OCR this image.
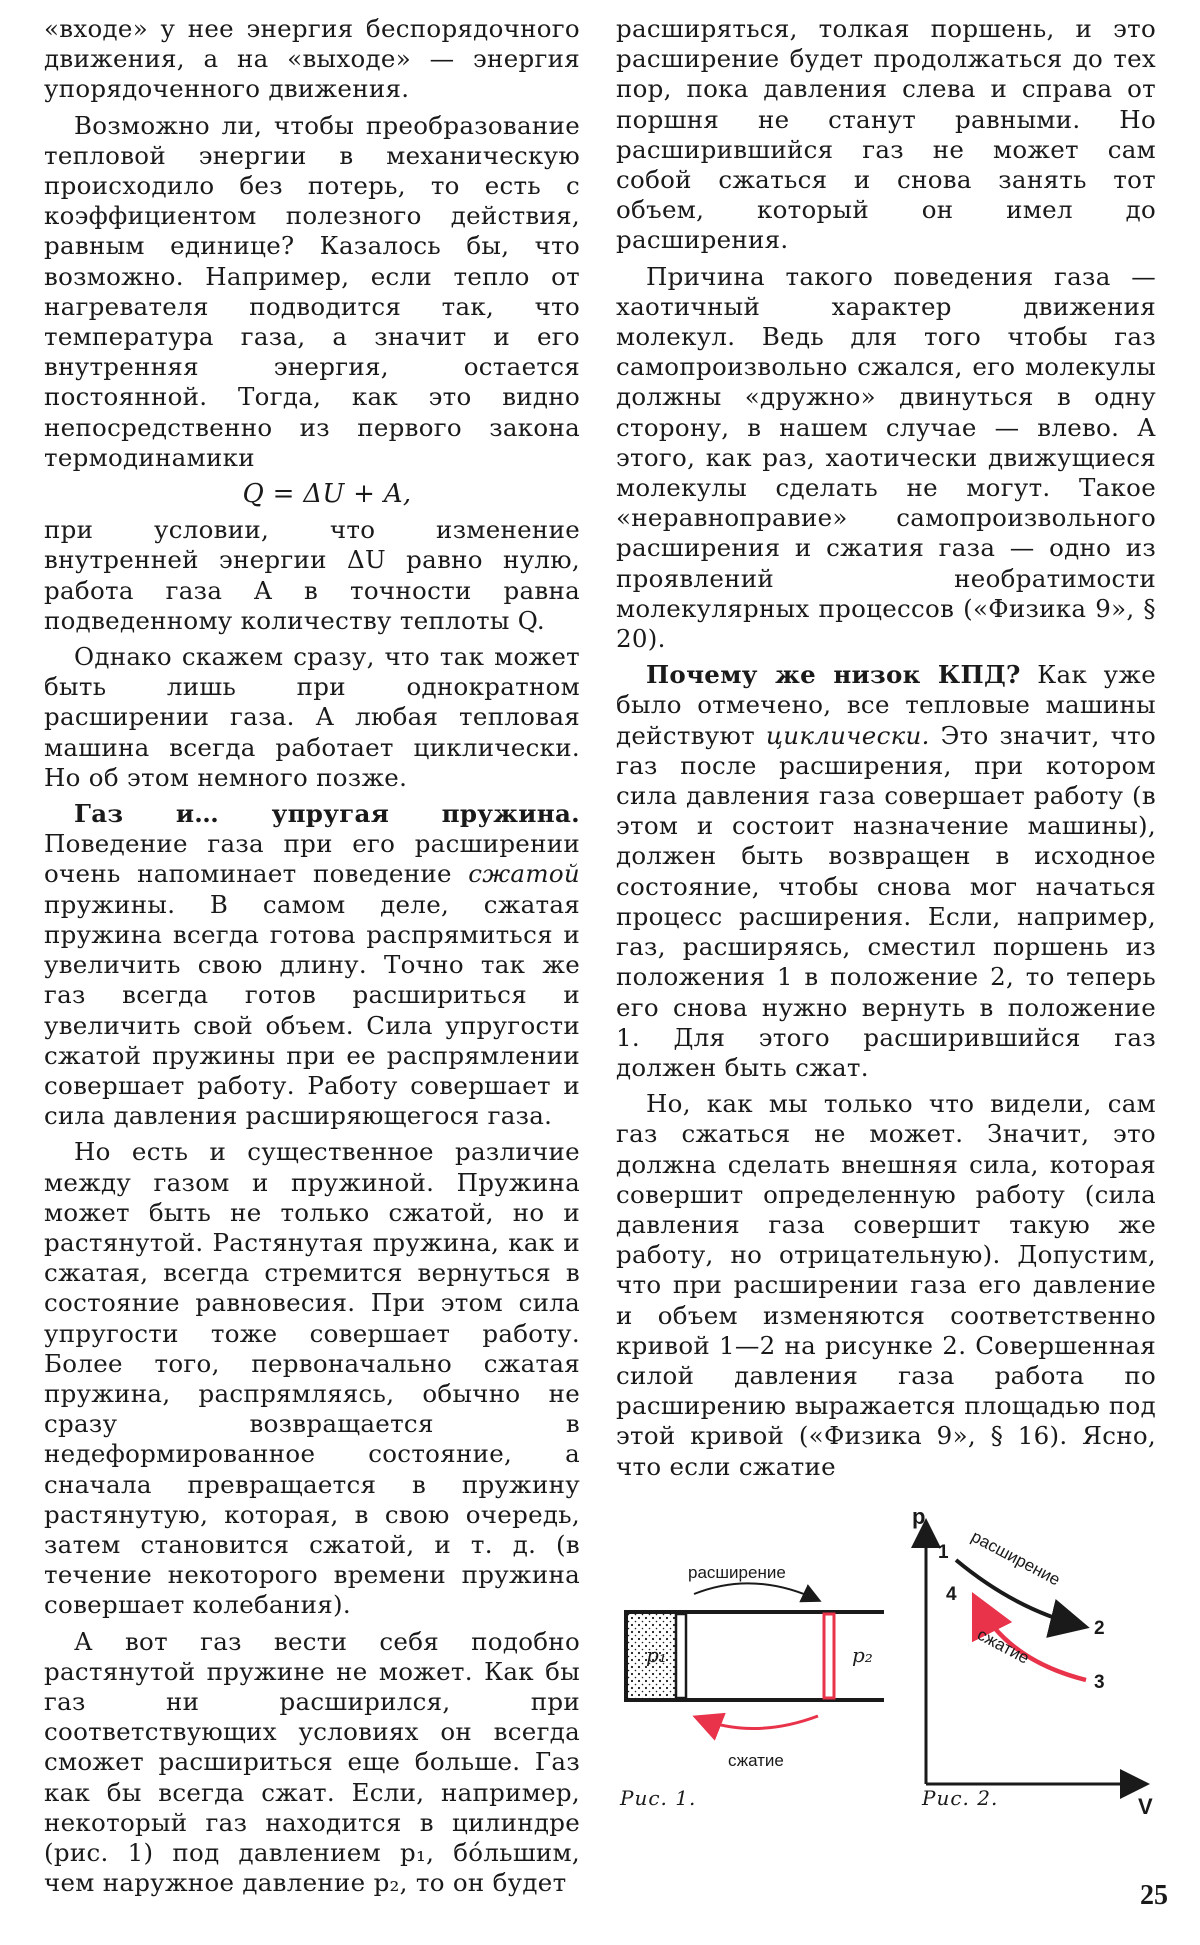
«входе» у нее энергия беспорядочного движения, а на «выходе» — энергия упорядоченного движения.

Возможно ли, чтобы преобразование тепловой энергии в механическую происходило без потерь, то есть с коэффициентом полезного действия, равным единице? Казалось бы, что возможно. Например, если тепло от нагревателя подводится так, что температура газа, а значит и его внутренняя энергия, остается постоянной. Тогда, как это видно непосредственно из первого закона термодинамики

Q = ΔU + A,

при условии, что изменение внутренней энергии ΔU равно нулю, работа газа A в точности равна подведенному количеству теплоты Q.

Однако скажем сразу, что так может быть лишь при однократном расширении газа. А любая тепловая машина всегда работает циклически. Но об этом немного позже.

Газ и… упругая пружина. Поведение газа при его расширении очень напоминает поведение сжатой пружины. В самом деле, сжатая пружина всегда готова распрямиться и увеличить свою длину. Точно так же газ всегда готов расшириться и увеличить свой объем. Сила упругости сжатой пружины при ее распрямлении совершает работу. Работу совершает и сила давления расширяющегося газа.

Но есть и существенное различие между газом и пружиной. Пружина может быть не только сжатой, но и растянутой. Растянутая пружина, как и сжатая, всегда стремится вернуться в состояние равновесия. При этом сила упругости тоже совершает работу. Более того, первоначально сжатая пружина, распрямляясь, обычно не сразу возвращается в недеформированное состояние, а сначала превращается в пружину растянутую, которая, в свою очередь, затем становится сжатой, и т. д. (в течение некоторого времени пружина совершает колебания).

А вот газ вести себя подобно растянутой пружине не может. Как бы газ ни расширился, при соответствующих условиях он всегда сможет расшириться еще больше. Газ как бы всегда сжат. Если, например, некоторый газ находится в цилиндре (рис. 1) под давлением p₁, бо́льшим, чем наружное давление p₂, то он будет

расширяться, толкая поршень, и это расширение будет продолжаться до тех пор, пока давления слева и справа от поршня не станут равными. Но расширившийся газ не может сам собой сжаться и снова занять тот объем, который он имел до расширения.

Причина такого поведения газа — хаотичный характер движения молекул. Ведь для того чтобы газ самопроизвольно сжался, его молекулы должны «дружно» двинуться в одну сторону, в нашем случае — влево. А этого, как раз, хаотически движущиеся молекулы сделать не могут. Такое «неравноправие» самопроизвольного расширения и сжатия газа — одно из проявлений необратимости молекулярных процессов («Физика 9», § 20).

Почему же низок КПД? Как уже было отмечено, все тепловые машины действуют циклически. Это значит, что газ после расширения, при котором сила давления газа совершает работу (в этом и состоит назначение машины), должен быть возвращен в исходное состояние, чтобы снова мог начаться процесс расширения. Если, например, газ, расширяясь, сместил поршень из положения 1 в положение 2, то теперь его снова нужно вернуть в положение 1. Для этого расширившийся газ должен быть сжат.

Но, как мы только что видели, сам газ сжаться не может. Значит, это должна сделать внешняя сила, которая совершит определенную работу (сила давления газа совершит такую же работу, но отрицательную). Допустим, что при расширении газа его давление и объем изменяются соответственно кривой 1—2 на рисунке 2. Совершенная силой давления газа работа по расширению выражается площадью под этой кривой («Физика 9», § 16). Ясно, что если сжатие

расширение
сжатие
p₁	p₂
p
V
1
2
3
4
расширение
сжатие
Рис. 1.	Рис. 2.
25
